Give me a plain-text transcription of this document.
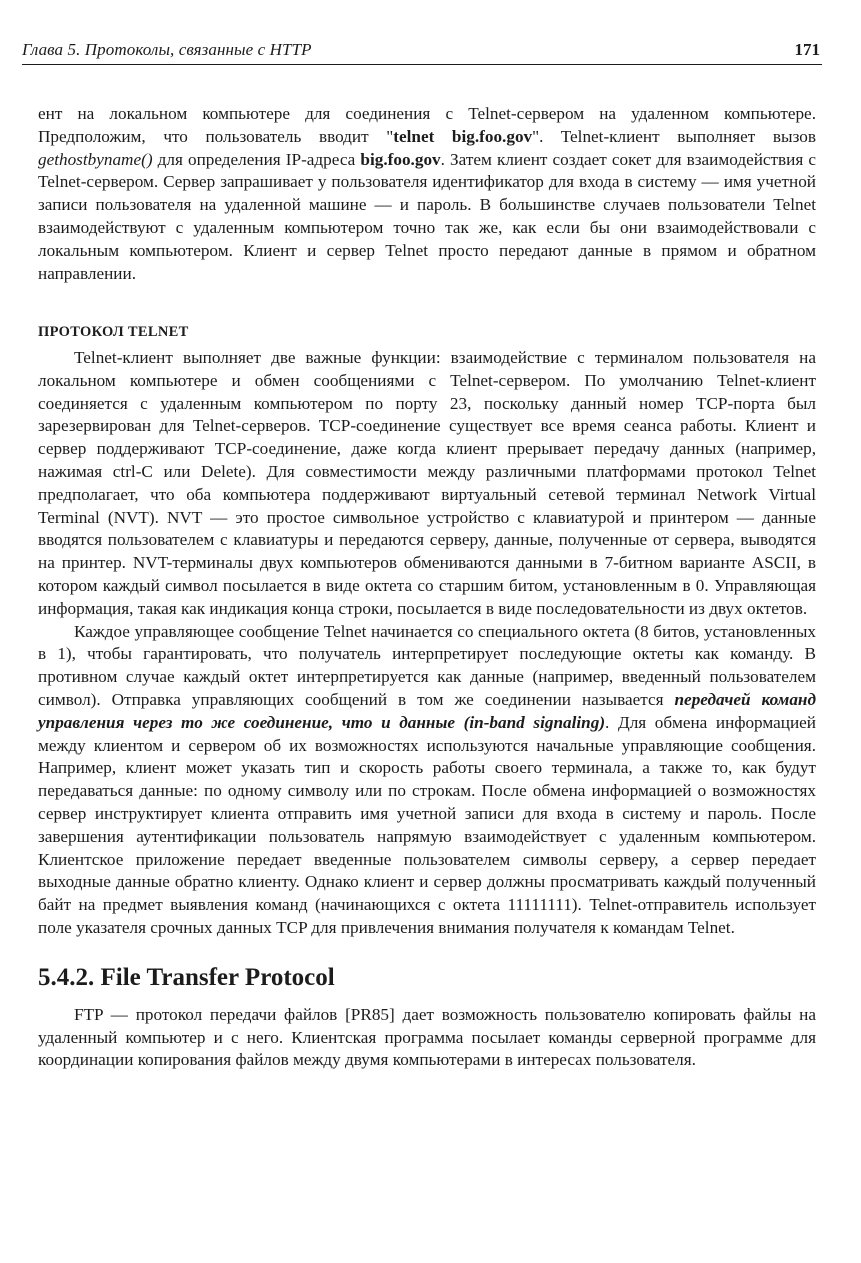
Глава 5. Протоколы, связанные с HTTP	171

ент на локальном компьютере для соединения с Telnet-сервером на удаленном компьютере. Предположим, что пользователь вводит "telnet big.foo.gov". Telnet-клиент выполняет вызов gethostbyname() для определения IP-адреса big.foo.gov. Затем клиент создает сокет для взаимодействия с Telnet-сервером. Сервер запрашивает у пользователя идентификатор для входа в систему — имя учетной записи пользователя на удаленной машине — и пароль. В большинстве случаев пользователи Telnet взаимодействуют с удаленным компьютером точно так же, как если бы они взаимодействовали с локальным компьютером. Клиент и сервер Telnet просто передают данные в прямом и обратном направлении.

ПРОТОКОЛ TELNET

Telnet-клиент выполняет две важные функции: взаимодействие с терминалом пользователя на локальном компьютере и обмен сообщениями с Telnet-сервером. По умолчанию Telnet-клиент соединяется с удаленным компьютером по порту 23, поскольку данный номер TCP-порта был зарезервирован для Telnet-серверов. TCP-соединение существует все время сеанса работы. Клиент и сервер поддерживают TCP-соединение, даже когда клиент прерывает передачу данных (например, нажимая ctrl-C или Delete). Для совместимости между различными платформами протокол Telnet предполагает, что оба компьютера поддерживают виртуальный сетевой терминал Network Virtual Terminal (NVT). NVT — это простое символьное устройство с клавиатурой и принтером — данные вводятся пользователем с клавиатуры и передаются серверу, данные, полученные от сервера, выводятся на принтер. NVT-терминалы двух компьютеров обмениваются данными в 7-битном варианте ASCII, в котором каждый символ посылается в виде октета со старшим битом, установленным в 0. Управляющая информация, такая как индикация конца строки, посылается в виде последовательности из двух октетов.

Каждое управляющее сообщение Telnet начинается со специального октета (8 битов, установленных в 1), чтобы гарантировать, что получатель интерпретирует последующие октеты как команду. В противном случае каждый октет интерпретируется как данные (например, введенный пользователем символ). Отправка управляющих сообщений в том же соединении называется передачей команд управления через то же соединение, что и данные (in-band signaling). Для обмена информацией между клиентом и сервером об их возможностях используются начальные управляющие сообщения. Например, клиент может указать тип и скорость работы своего терминала, а также то, как будут передаваться данные: по одному символу или по строкам. После обмена информацией о возможностях сервер инструктирует клиента отправить имя учетной записи для входа в систему и пароль. После завершения аутентификации пользователь напрямую взаимодействует с удаленным компьютером. Клиентское приложение передает введенные пользователем символы серверу, а сервер передает выходные данные обратно клиенту. Однако клиент и сервер должны просматривать каждый полученный байт на предмет выявления команд (начинающихся с октета 11111111). Telnet-отправитель использует поле указателя срочных данных TCP для привлечения внимания получателя к командам Telnet.

5.4.2. File Transfer Protocol

FTP — протокол передачи файлов [PR85] дает возможность пользователю копировать файлы на удаленный компьютер и с него. Клиентская программа посылает команды серверной программе для координации копирования файлов между двумя компьютерами в интересах пользователя.
